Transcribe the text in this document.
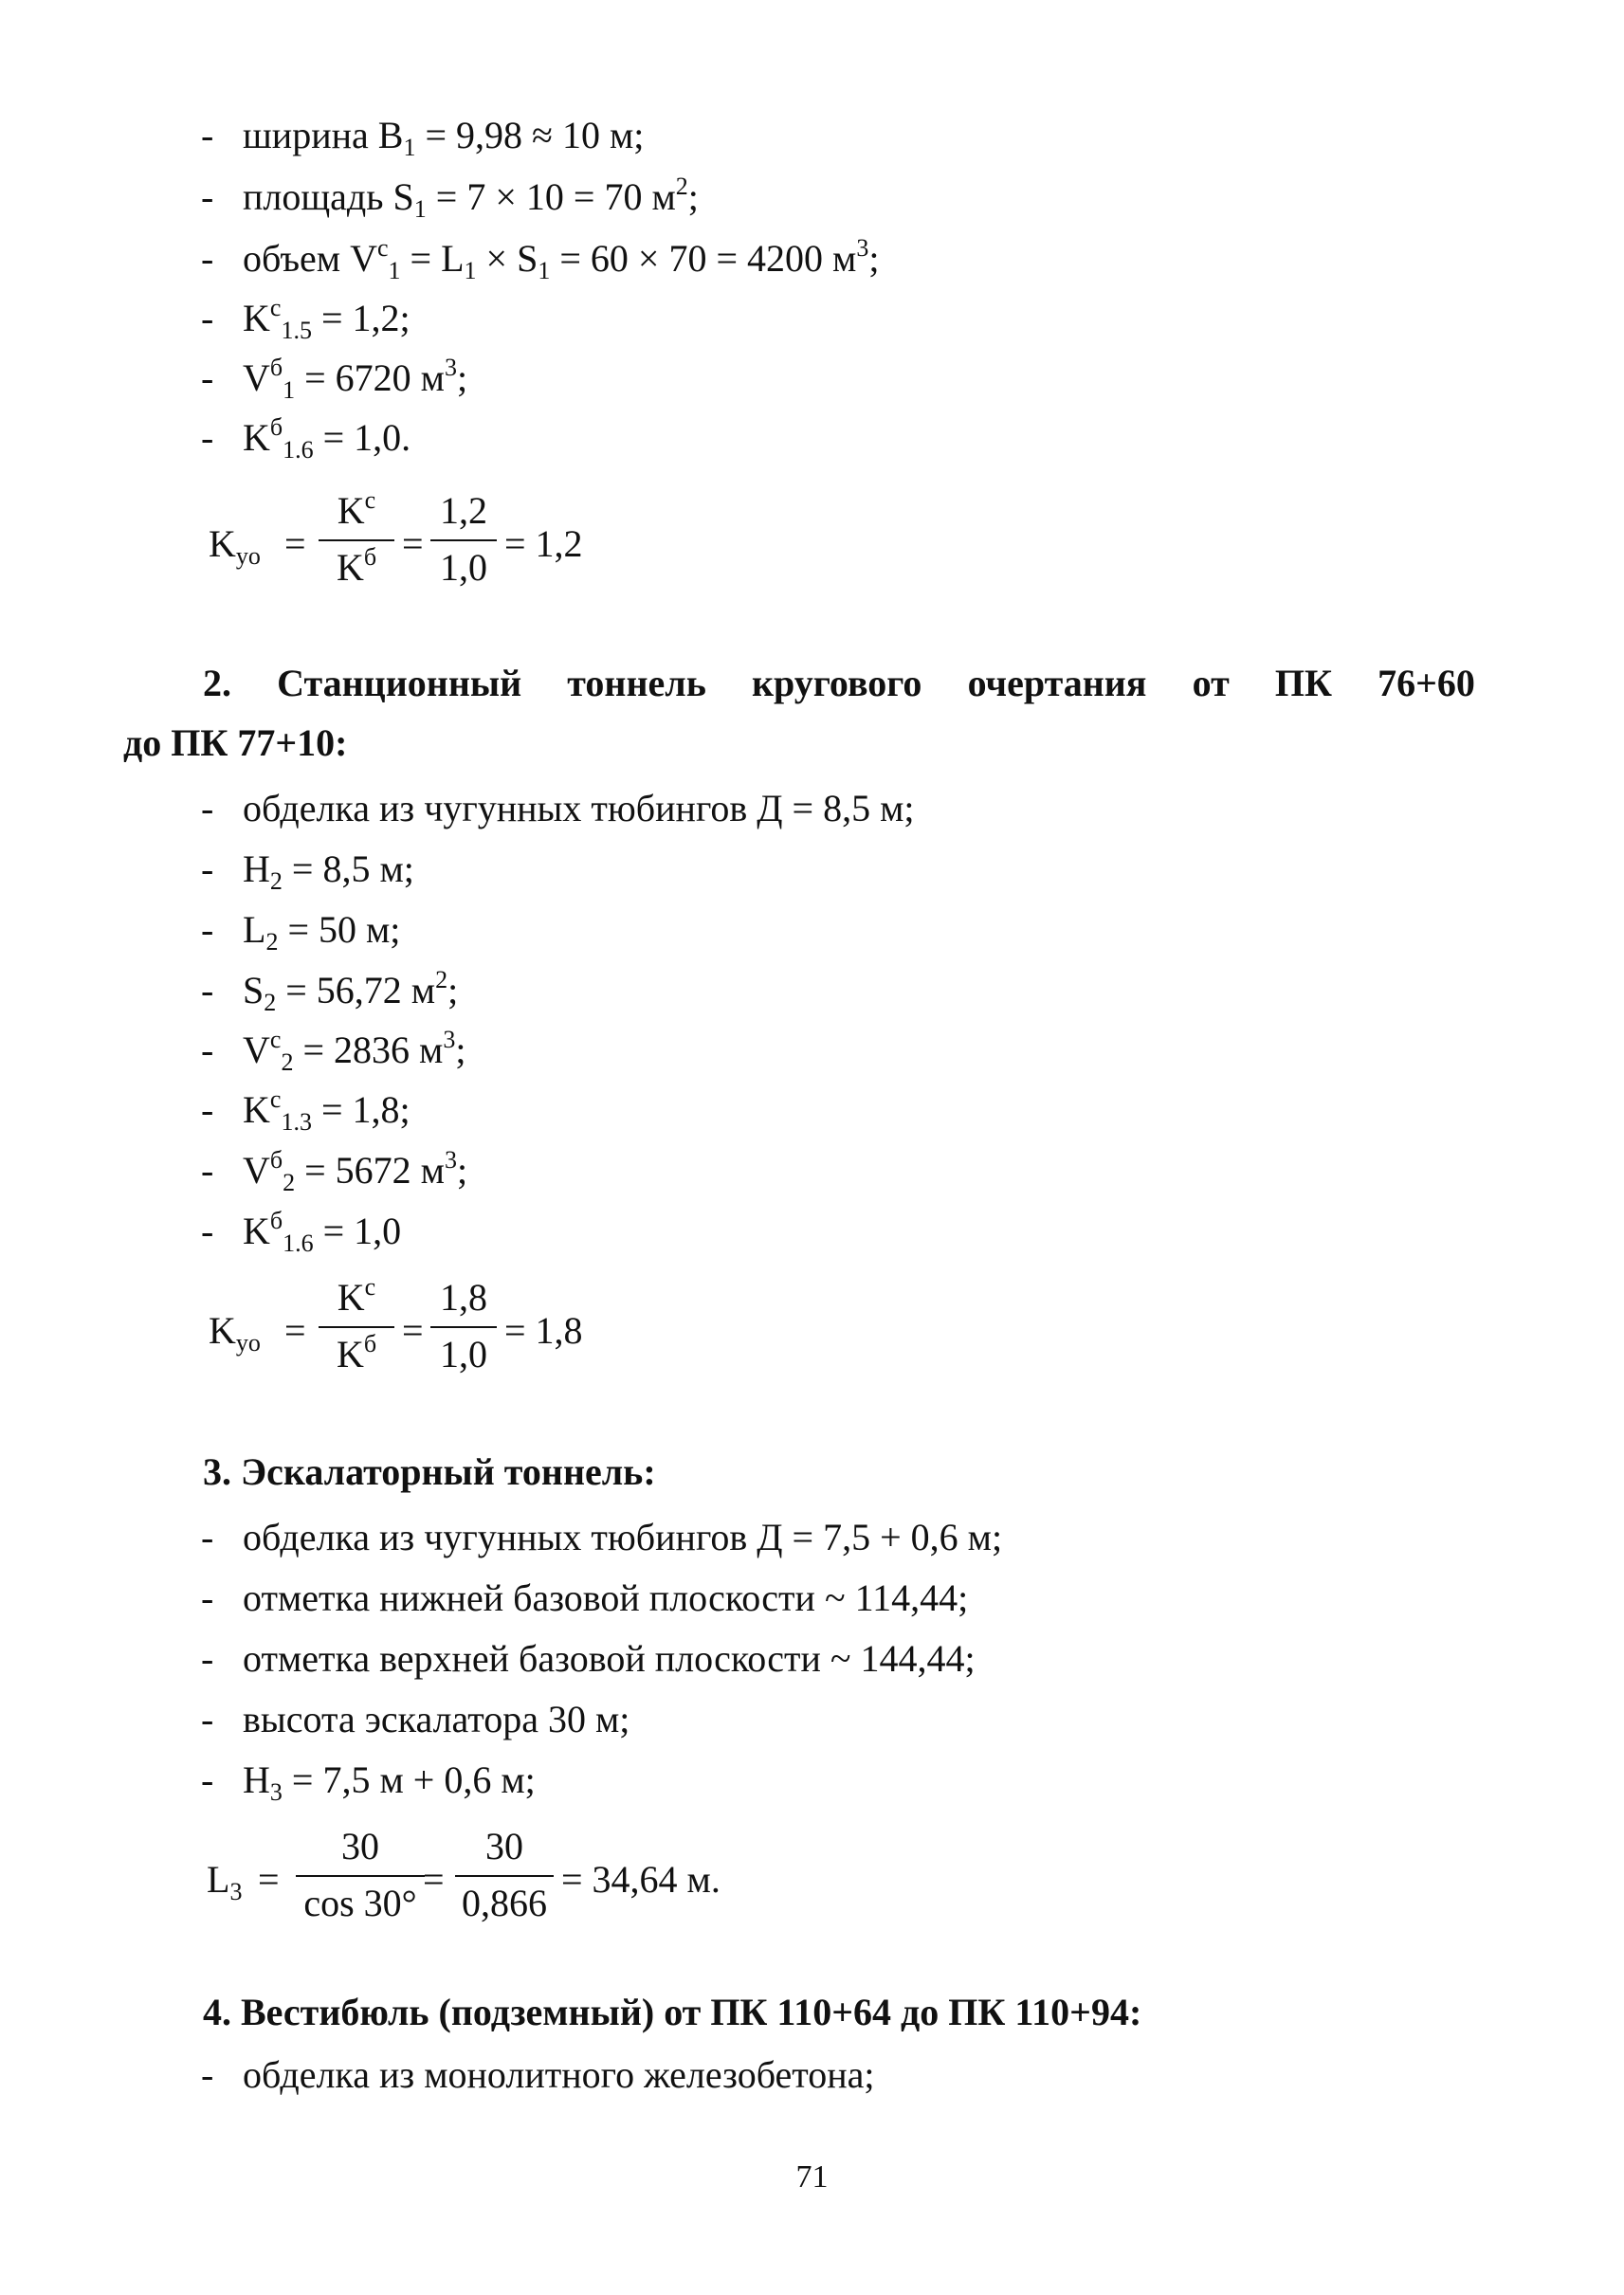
- ширина $B_1 = 9,98 \approx 10$ м;
- площадь $S_1 = 7 \times 10 = 70$ $м^2$;
- объем $V^с_1 = L_1 \times S_1 = 60 \times 70 = 4200$ $м^3$;
- $K^с_{1.5} = 1,2$;
- $V^б_1 = 6720$ $м^3$;
- $K^б_{1.6} = 1,0$.
$K_{yo}$ =
$K^c$
$K^б$ =
1,2
1,0
= 1,2
2. Станционный тоннель кругового очертания от ПК 76+60
до ПК 77+10:
- обделка из чугунных тюбингов Д = 8,5 м;
- $H_2 = 8,5$ м;
- $L_2 = 50$ м;
- $S_2 = 56,72$ $м^2$;
- $V^с_2 = 2836$ $м^3$;
- $K^с_{1.3} = 1,8$;
- $V^б_2 = 5672$ $м^3$;
- $K^б_{1.6} = 1,0$
$K_{yo}$ =
$K^c$
$K^б$ =
1,8
1,0
= 1,8
3. Эскалаторный тоннель:
- обделка из чугунных тюбингов Д = 7,5 + 0,6 м;
- отметка нижней базовой плоскости ~ 114,44;
- отметка верхней базовой плоскости ~ 144,44;
- высота эскалатора 30 м;
- $H_3 = 7,5$ м + 0,6 м;
$L_3$ =
30
cos 30°
=
30
0,866
= 34,64 м.
4. Вестибюль (подземный) от ПК 110+64 до ПК 110+94:
- обделка из монолитного железобетона;
71
